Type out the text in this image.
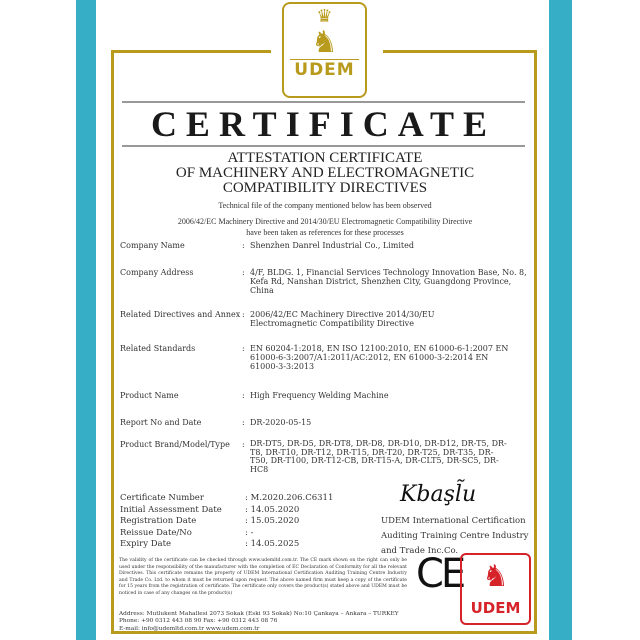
♛
♞
UDEM
CERTIFICATE
ATTESTATION CERTIFICATE
OF MACHINERY AND ELECTROMAGNETIC
COMPATIBILITY DIRECTIVES
Technical file of the company mentioned below has been observed
2006/42/EC Machinery Directive and 2014/30/EU Electromagnetic Compatibility Directive
have been taken as references for these processes
Company Name	: Shenzhen Danrel Industrial Co., Limited
Company Address	: 4/F, BLDG. 1, Financial Services Technology Innovation Base, No. 8, Kefa Rd, Nanshan District, Shenzhen City, Guangdong Province, China
Related Directives and Annex : 2006/42/EC Machinery Directive 2014/30/EU Electromagnetic Compatibility Directive
Related Standards	: EN 60204-1:2018, EN ISO 12100:2010, EN 61000-6-1:2007 EN 61000-6-3:2007/A1:2011/AC:2012, EN 61000-3-2:2014 EN 61000-3-3:2013
Product Name	: High Frequency Welding Machine
Report No and Date	: DR-2020-05-15
Product Brand/Model/Type	: DR-DT5, DR-D5, DR-DT8, DR-D8, DR-D10, DR-D12, DR-T5, DR-T8, DR-T10, DR-T12, DR-T15, DR-T20, DR-T25, DR-T35, DR-T50, DR-T100, DR-T12-CB, DR-T15-A, DR-CLT5, DR-SC5, DR-HC8
Certificate Number	: M.2020.206.C6311
Initial Assessment Date	: 14.05.2020
Registration Date	: 15.05.2020
Reissue Date/No	: -
Expiry Date	: 14.05.2025
Kbaşl̃u
UDEM International Certification
Auditing Training Centre Industry
and Trade Inc.Co.
The validity of the certificate can be checked through www.udemltd.com.tr. The CE mark shown on the right can only be used under the responsibility of the manufacturer with the completion of EC Declaration of Conformity for all the relevant Directives. This certificate remains the property of UDEM International Certification Auditing Training Centre Industry and Trade Co. Ltd. to whom it must be returned upon request. The above named firm must keep a copy of the certificate for 15 years from the registration of certificate. The certificate only covers the product(s) stated above and UDEM must be noticed in case of any changes on the product(s)
Address: Mutlukent Mahallesi 2073 Sokak (Eski 93 Sokak) No:10 Çankaya – Ankara – TURKEY
Phone: +90 0312 443 08 90 Fax: +90 0312 443 08 76
E-mail: info@udemltd.com.tr www.udem.com.tr
CE ♞
UDEM
